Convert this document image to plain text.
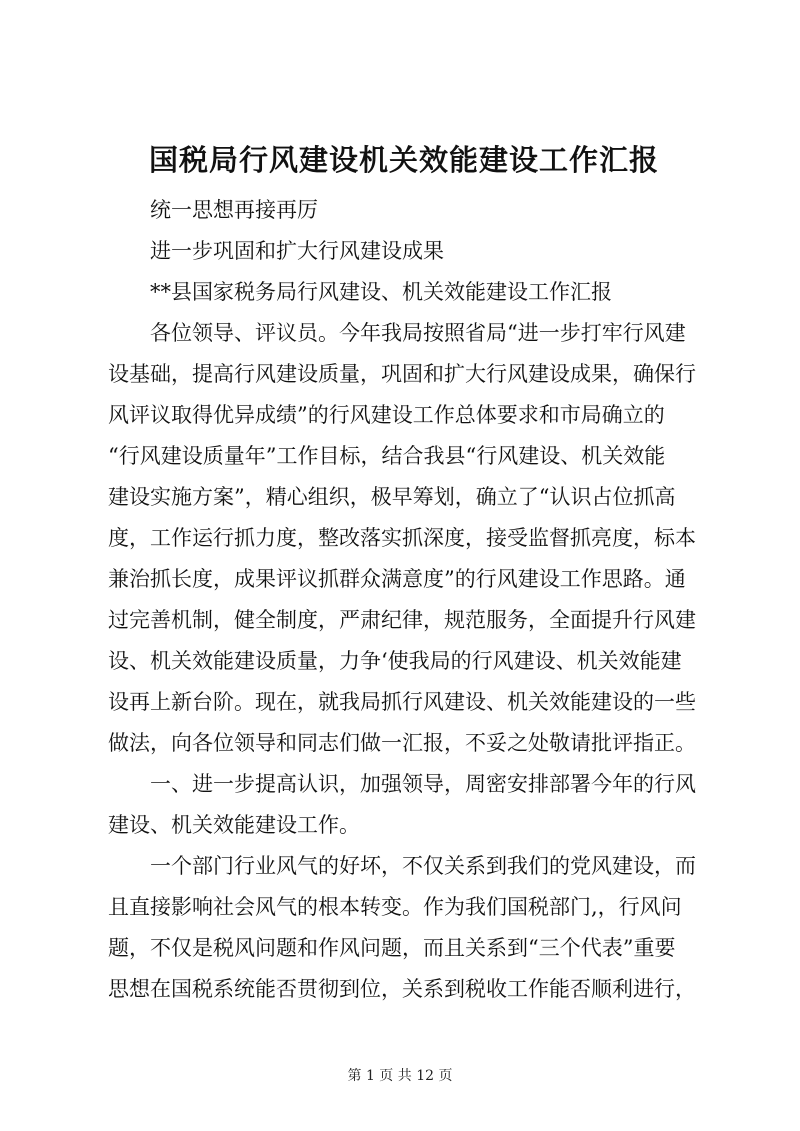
国税局行风建设机关效能建设工作汇报
统一思想再接再厉
进一步巩固和扩大行风建设成果
**县国家税务局行风建设、机关效能建设工作汇报
各位领导、评议员。今年我局按照省局“进一步打牢行风建
设基础，提高行风建设质量，巩固和扩大行风建设成果，确保行
风评议取得优异成绩”的行风建设工作总体要求和市局确立的
“行风建设质量年”工作目标，结合我县“行风建设、机关效能
建设实施方案”，精心组织，极早筹划，确立了“认识占位抓高
度，工作运行抓力度，整改落实抓深度，接受监督抓亮度，标本
兼治抓长度，成果评议抓群众满意度”的行风建设工作思路。通
过完善机制，健全制度，严肃纪律，规范服务，全面提升行风建
设、机关效能建设质量，力争‘使我局的行风建设、机关效能建
设再上新台阶。现在，就我局抓行风建设、机关效能建设的一些
做法，向各位领导和同志们做一汇报，不妥之处敬请批评指正。
一、进一步提高认识，加强领导，周密安排部署今年的行风
建设、机关效能建设工作。
一个部门行业风气的好坏，不仅关系到我们的党风建设，而
且直接影响社会风气的根本转变。作为我们国税部门,，行风问
题，不仅是税风问题和作风问题，而且关系到“三个代表”重要
思想在国税系统能否贯彻到位，关系到税收工作能否顺利进行，
第 1 页 共 12 页
